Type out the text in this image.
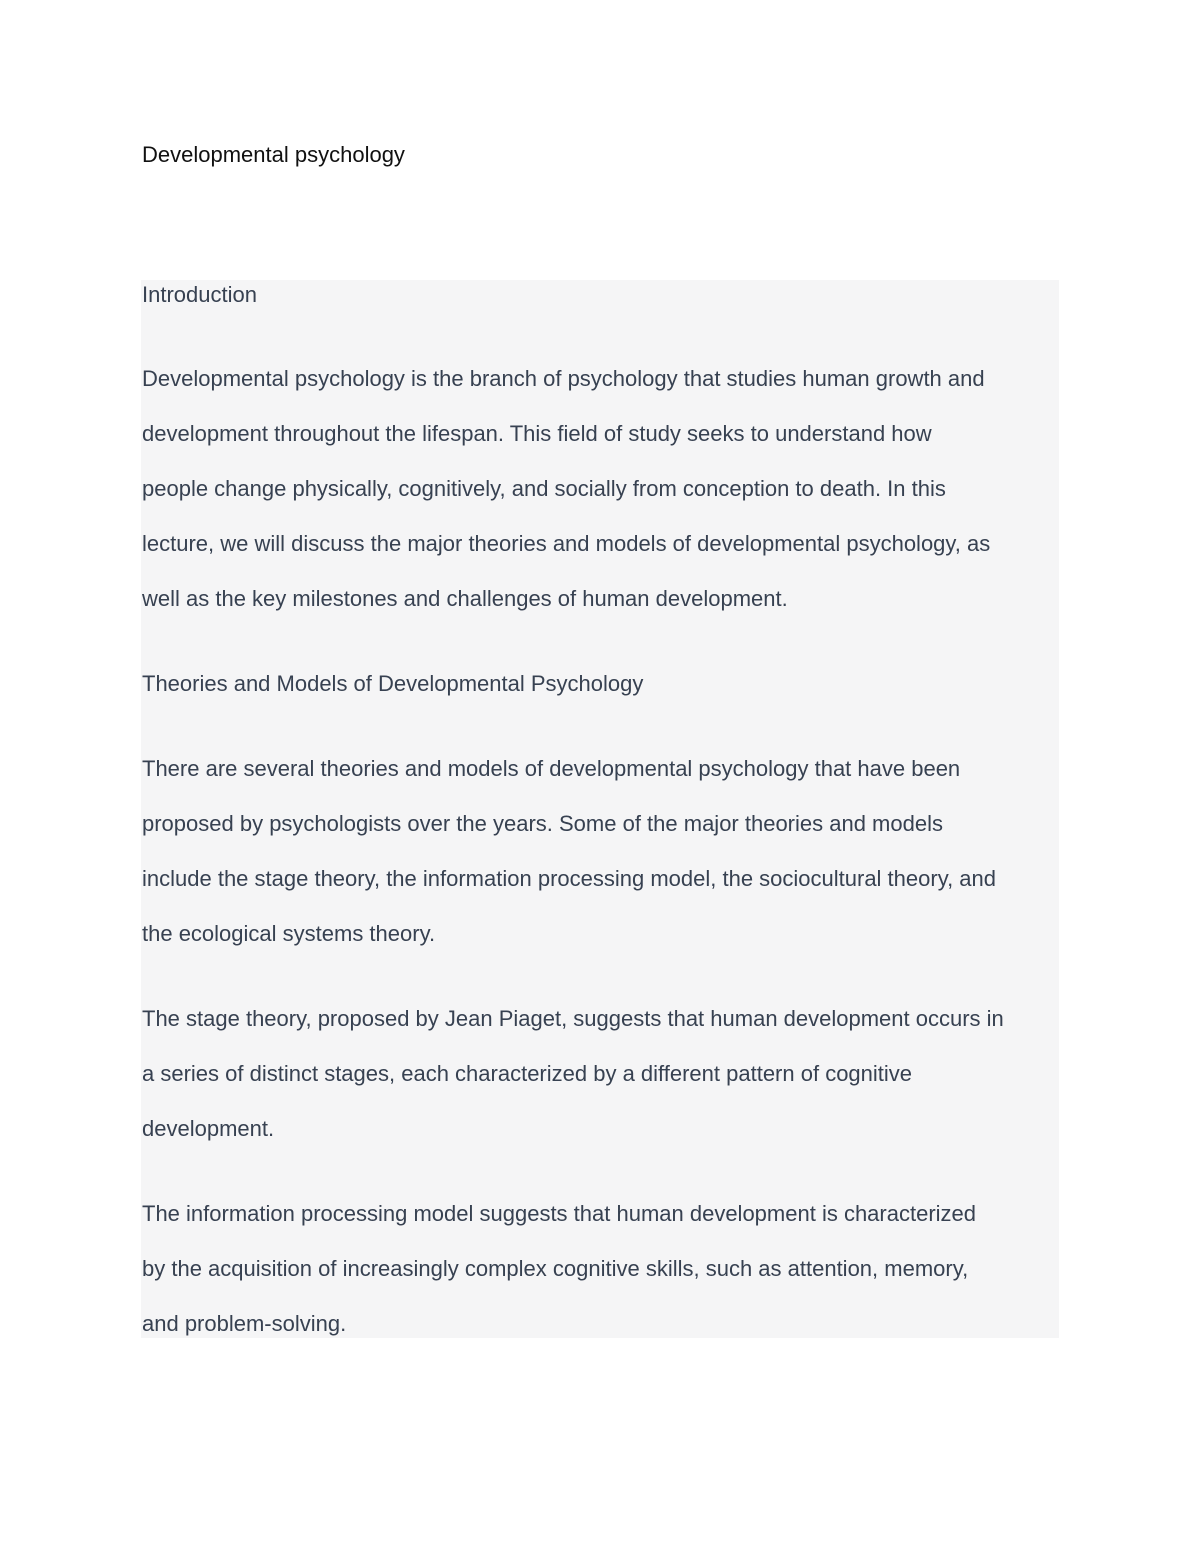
Developmental psychology
Introduction

Developmental psychology is the branch of psychology that studies human growth and

development throughout the lifespan. This field of study seeks to understand how

people change physically, cognitively, and socially from conception to death. In this

lecture, we will discuss the major theories and models of developmental psychology, as

well as the key milestones and challenges of human development.

Theories and Models of Developmental Psychology

There are several theories and models of developmental psychology that have been

proposed by psychologists over the years. Some of the major theories and models

include the stage theory, the information processing model, the sociocultural theory, and

the ecological systems theory.

The stage theory, proposed by Jean Piaget, suggests that human development occurs in

a series of distinct stages, each characterized by a different pattern of cognitive

development.

The information processing model suggests that human development is characterized

by the acquisition of increasingly complex cognitive skills, such as attention, memory,

and problem-solving.
